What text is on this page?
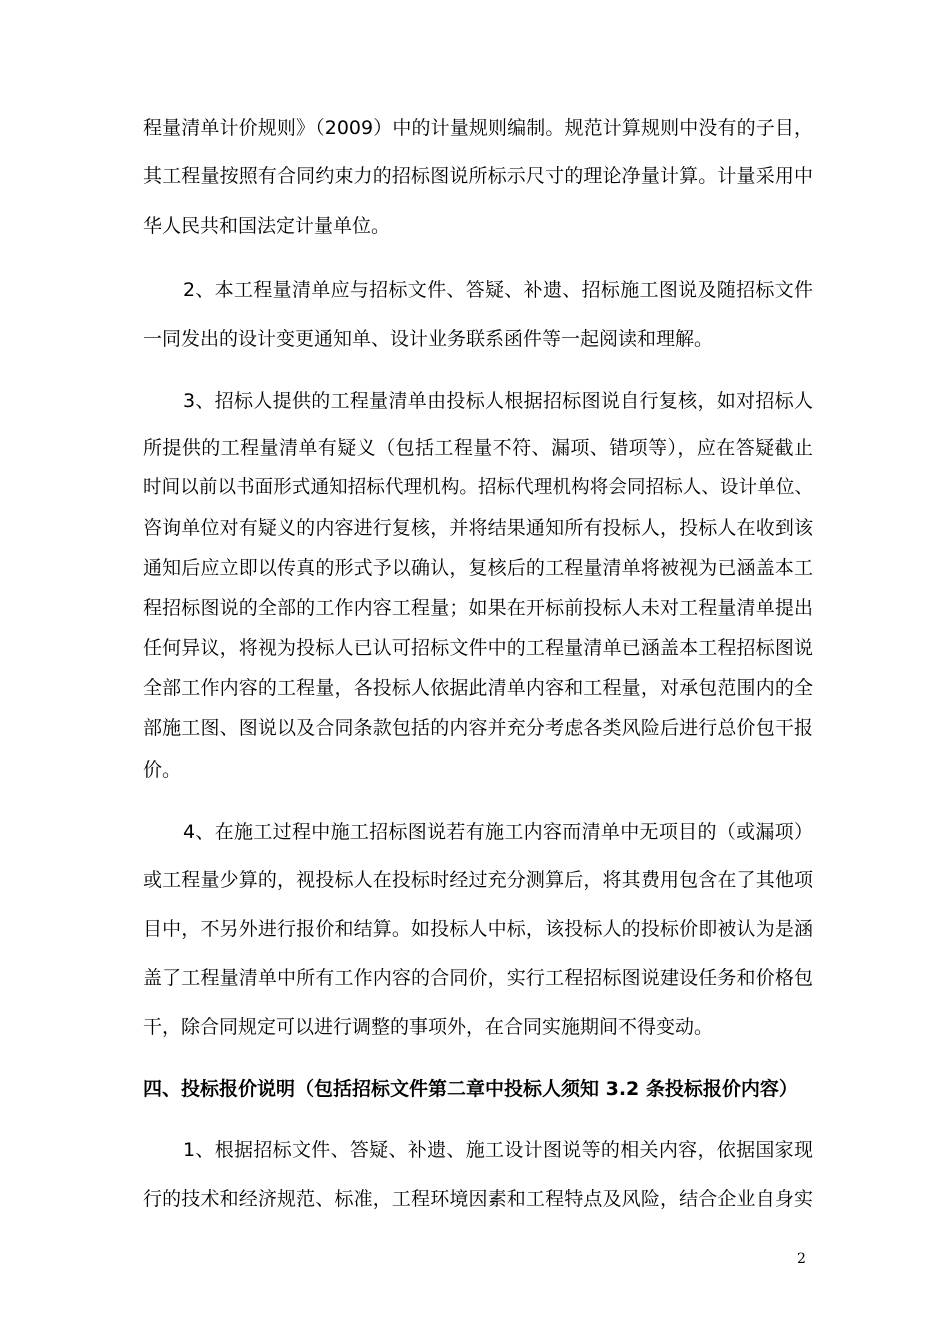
程量清单计价规则》（2009）中的计量规则编制。规范计算规则中没有的子目，
其工程量按照有合同约束力的招标图说所标示尺寸的理论净量计算。计量采用中
华人民共和国法定计量单位。
2、本工程量清单应与招标文件、答疑、补遗、招标施工图说及随招标文件
一同发出的设计变更通知单、设计业务联系函件等一起阅读和理解。
3、招标人提供的工程量清单由投标人根据招标图说自行复核，如对招标人
所提供的工程量清单有疑义（包括工程量不符、漏项、错项等），应在答疑截止
时间以前以书面形式通知招标代理机构。招标代理机构将会同招标人、设计单位、
咨询单位对有疑义的内容进行复核，并将结果通知所有投标人，投标人在收到该
通知后应立即以传真的形式予以确认，复核后的工程量清单将被视为已涵盖本工
程招标图说的全部的工作内容工程量；如果在开标前投标人未对工程量清单提出
任何异议，将视为投标人已认可招标文件中的工程量清单已涵盖本工程招标图说
全部工作内容的工程量，各投标人依据此清单内容和工程量，对承包范围内的全
部施工图、图说以及合同条款包括的内容并充分考虑各类风险后进行总价包干报
价。
4、在施工过程中施工招标图说若有施工内容而清单中无项目的（或漏项）
或工程量少算的，视投标人在投标时经过充分测算后，将其费用包含在了其他项
目中，不另外进行报价和结算。如投标人中标，该投标人的投标价即被认为是涵
盖了工程量清单中所有工作内容的合同价，实行工程招标图说建设任务和价格包
干，除合同规定可以进行调整的事项外，在合同实施期间不得变动。
四、投标报价说明（包括招标文件第二章中投标人须知 3.2 条投标报价内容）
1、根据招标文件、答疑、补遗、施工设计图说等的相关内容，依据国家现
行的技术和经济规范、标准，工程环境因素和工程特点及风险，结合企业自身实
2
